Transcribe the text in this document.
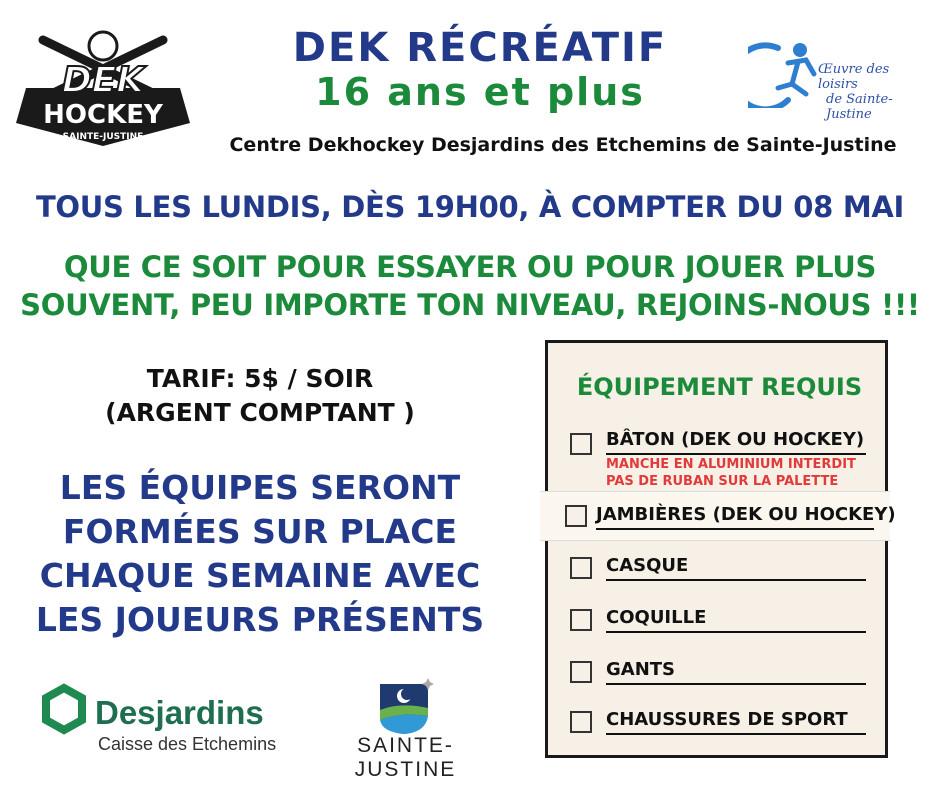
DEK
HOCKEY
SAINTE-JUSTINE
DEK RÉCRÉATIF
16 ans et plus
Centre Dekhockey Desjardins des Etchemins de Sainte-Justine
Œuvre des loisirs
de Sainte-Justine
TOUS LES LUNDIS, DÈS 19H00, À COMPTER DU 08 MAI
QUE CE SOIT POUR ESSAYER OU POUR JOUER PLUS
SOUVENT, PEU IMPORTE TON NIVEAU, REJOINS-NOUS !!!
TARIF: 5$ / SOIR
(ARGENT COMPTANT )
LES ÉQUIPES SERONT
FORMÉES SUR PLACE
CHAQUE SEMAINE AVEC
LES JOUEURS PRÉSENTS
ÉQUIPEMENT REQUIS
BÂTON (DEK OU HOCKEY)
MANCHE EN ALUMINIUM INTERDIT
PAS DE RUBAN SUR LA PALETTE
JAMBIÈRES (DEK OU HOCKEY)
CASQUE
COQUILLE
GANTS
CHAUSSURES DE SPORT
Desjardins
Caisse des Etchemins	SAINTE-JUSTINE
